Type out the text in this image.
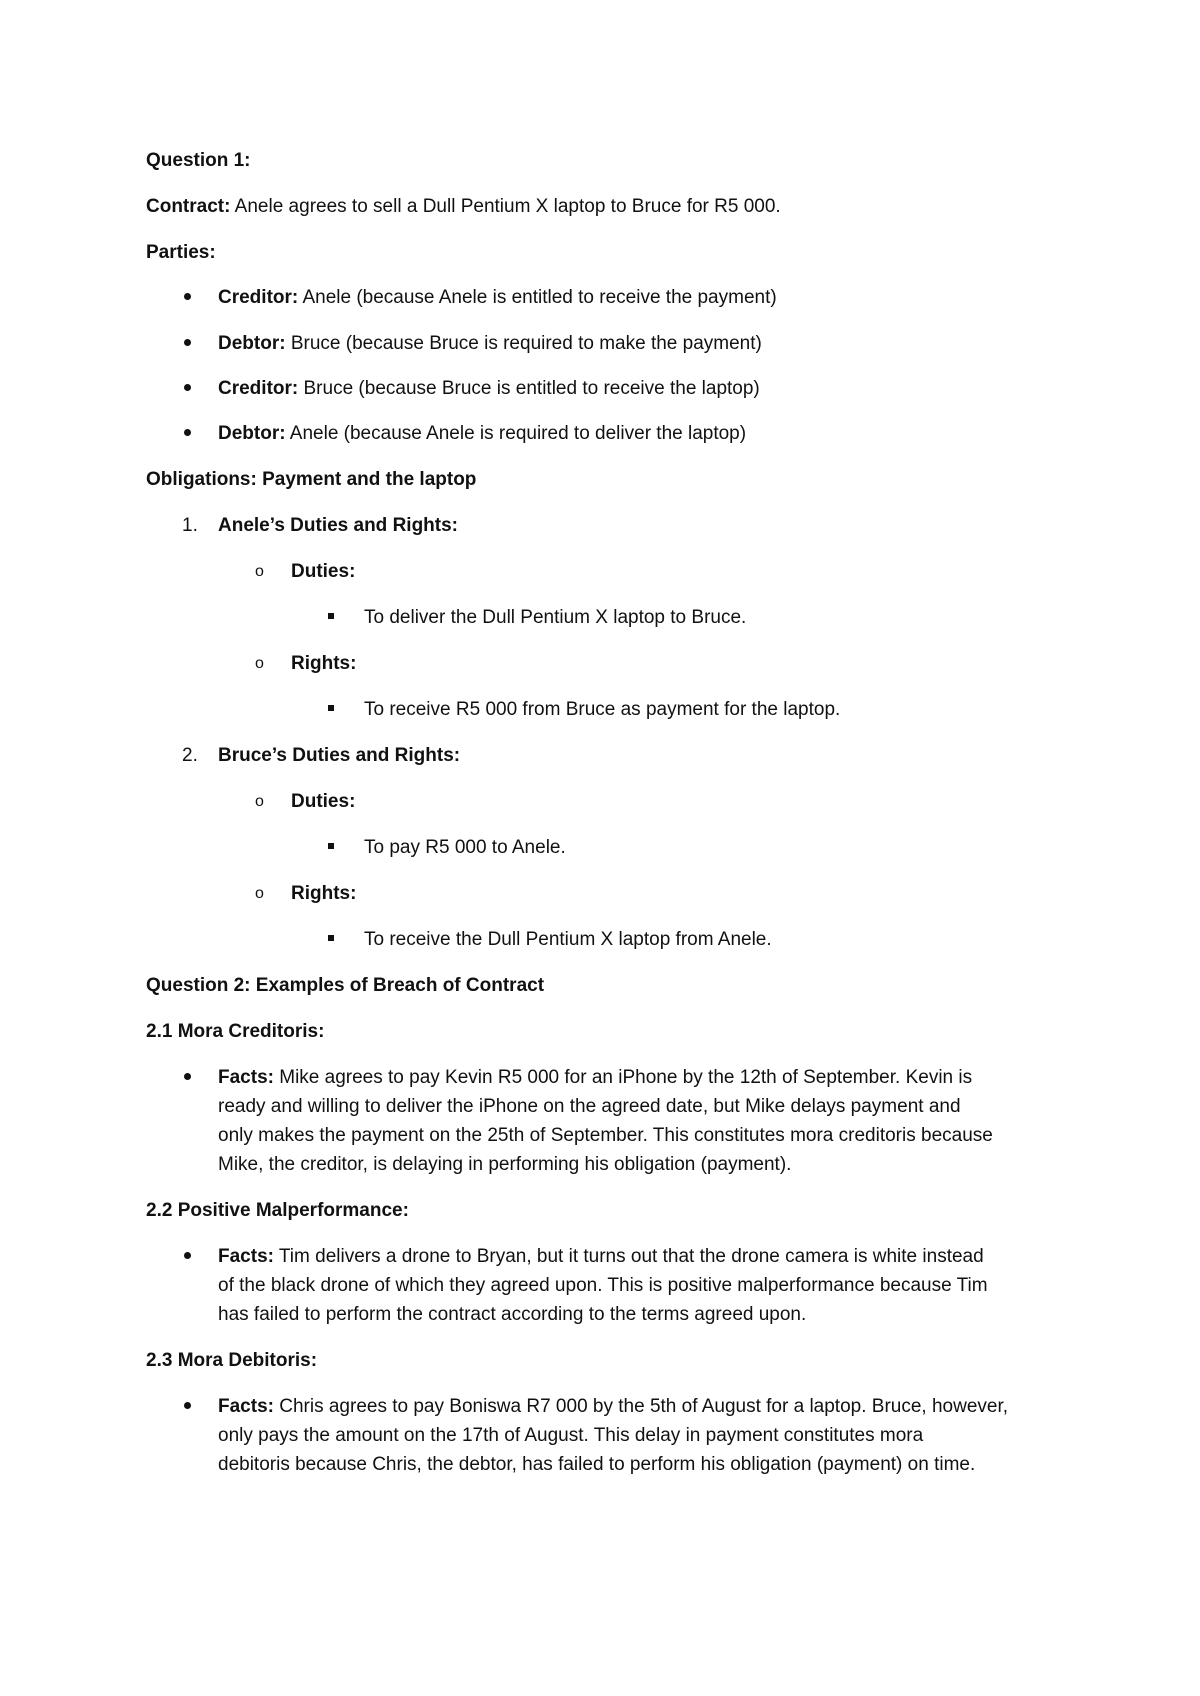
Question 1:

Contract: Anele agrees to sell a Dull Pentium X laptop to Bruce for R5 000.

Parties:

Creditor: Anele (because Anele is entitled to receive the payment)

Debtor: Bruce (because Bruce is required to make the payment)

Creditor: Bruce (because Bruce is entitled to receive the laptop)

Debtor: Anele (because Anele is required to deliver the laptop)

Obligations: Payment and the laptop

1. Anele’s Duties and Rights:

o Duties:

To deliver the Dull Pentium X laptop to Bruce.

o Rights:

To receive R5 000 from Bruce as payment for the laptop.

2. Bruce’s Duties and Rights:

o Duties:

To pay R5 000 to Anele.

o Rights:

To receive the Dull Pentium X laptop from Anele.

Question 2: Examples of Breach of Contract

2.1 Mora Creditoris:

Facts: Mike agrees to pay Kevin R5 000 for an iPhone by the 12th of September. Kevin is
ready and willing to deliver the iPhone on the agreed date, but Mike delays payment and
only makes the payment on the 25th of September. This constitutes mora creditoris because
Mike, the creditor, is delaying in performing his obligation (payment).

2.2 Positive Malperformance:

Facts: Tim delivers a drone to Bryan, but it turns out that the drone camera is white instead
of the black drone of which they agreed upon. This is positive malperformance because Tim
has failed to perform the contract according to the terms agreed upon.

2.3 Mora Debitoris:

Facts: Chris agrees to pay Boniswa R7 000 by the 5th of August for a laptop. Bruce, however,
only pays the amount on the 17th of August. This delay in payment constitutes mora
debitoris because Chris, the debtor, has failed to perform his obligation (payment) on time.
